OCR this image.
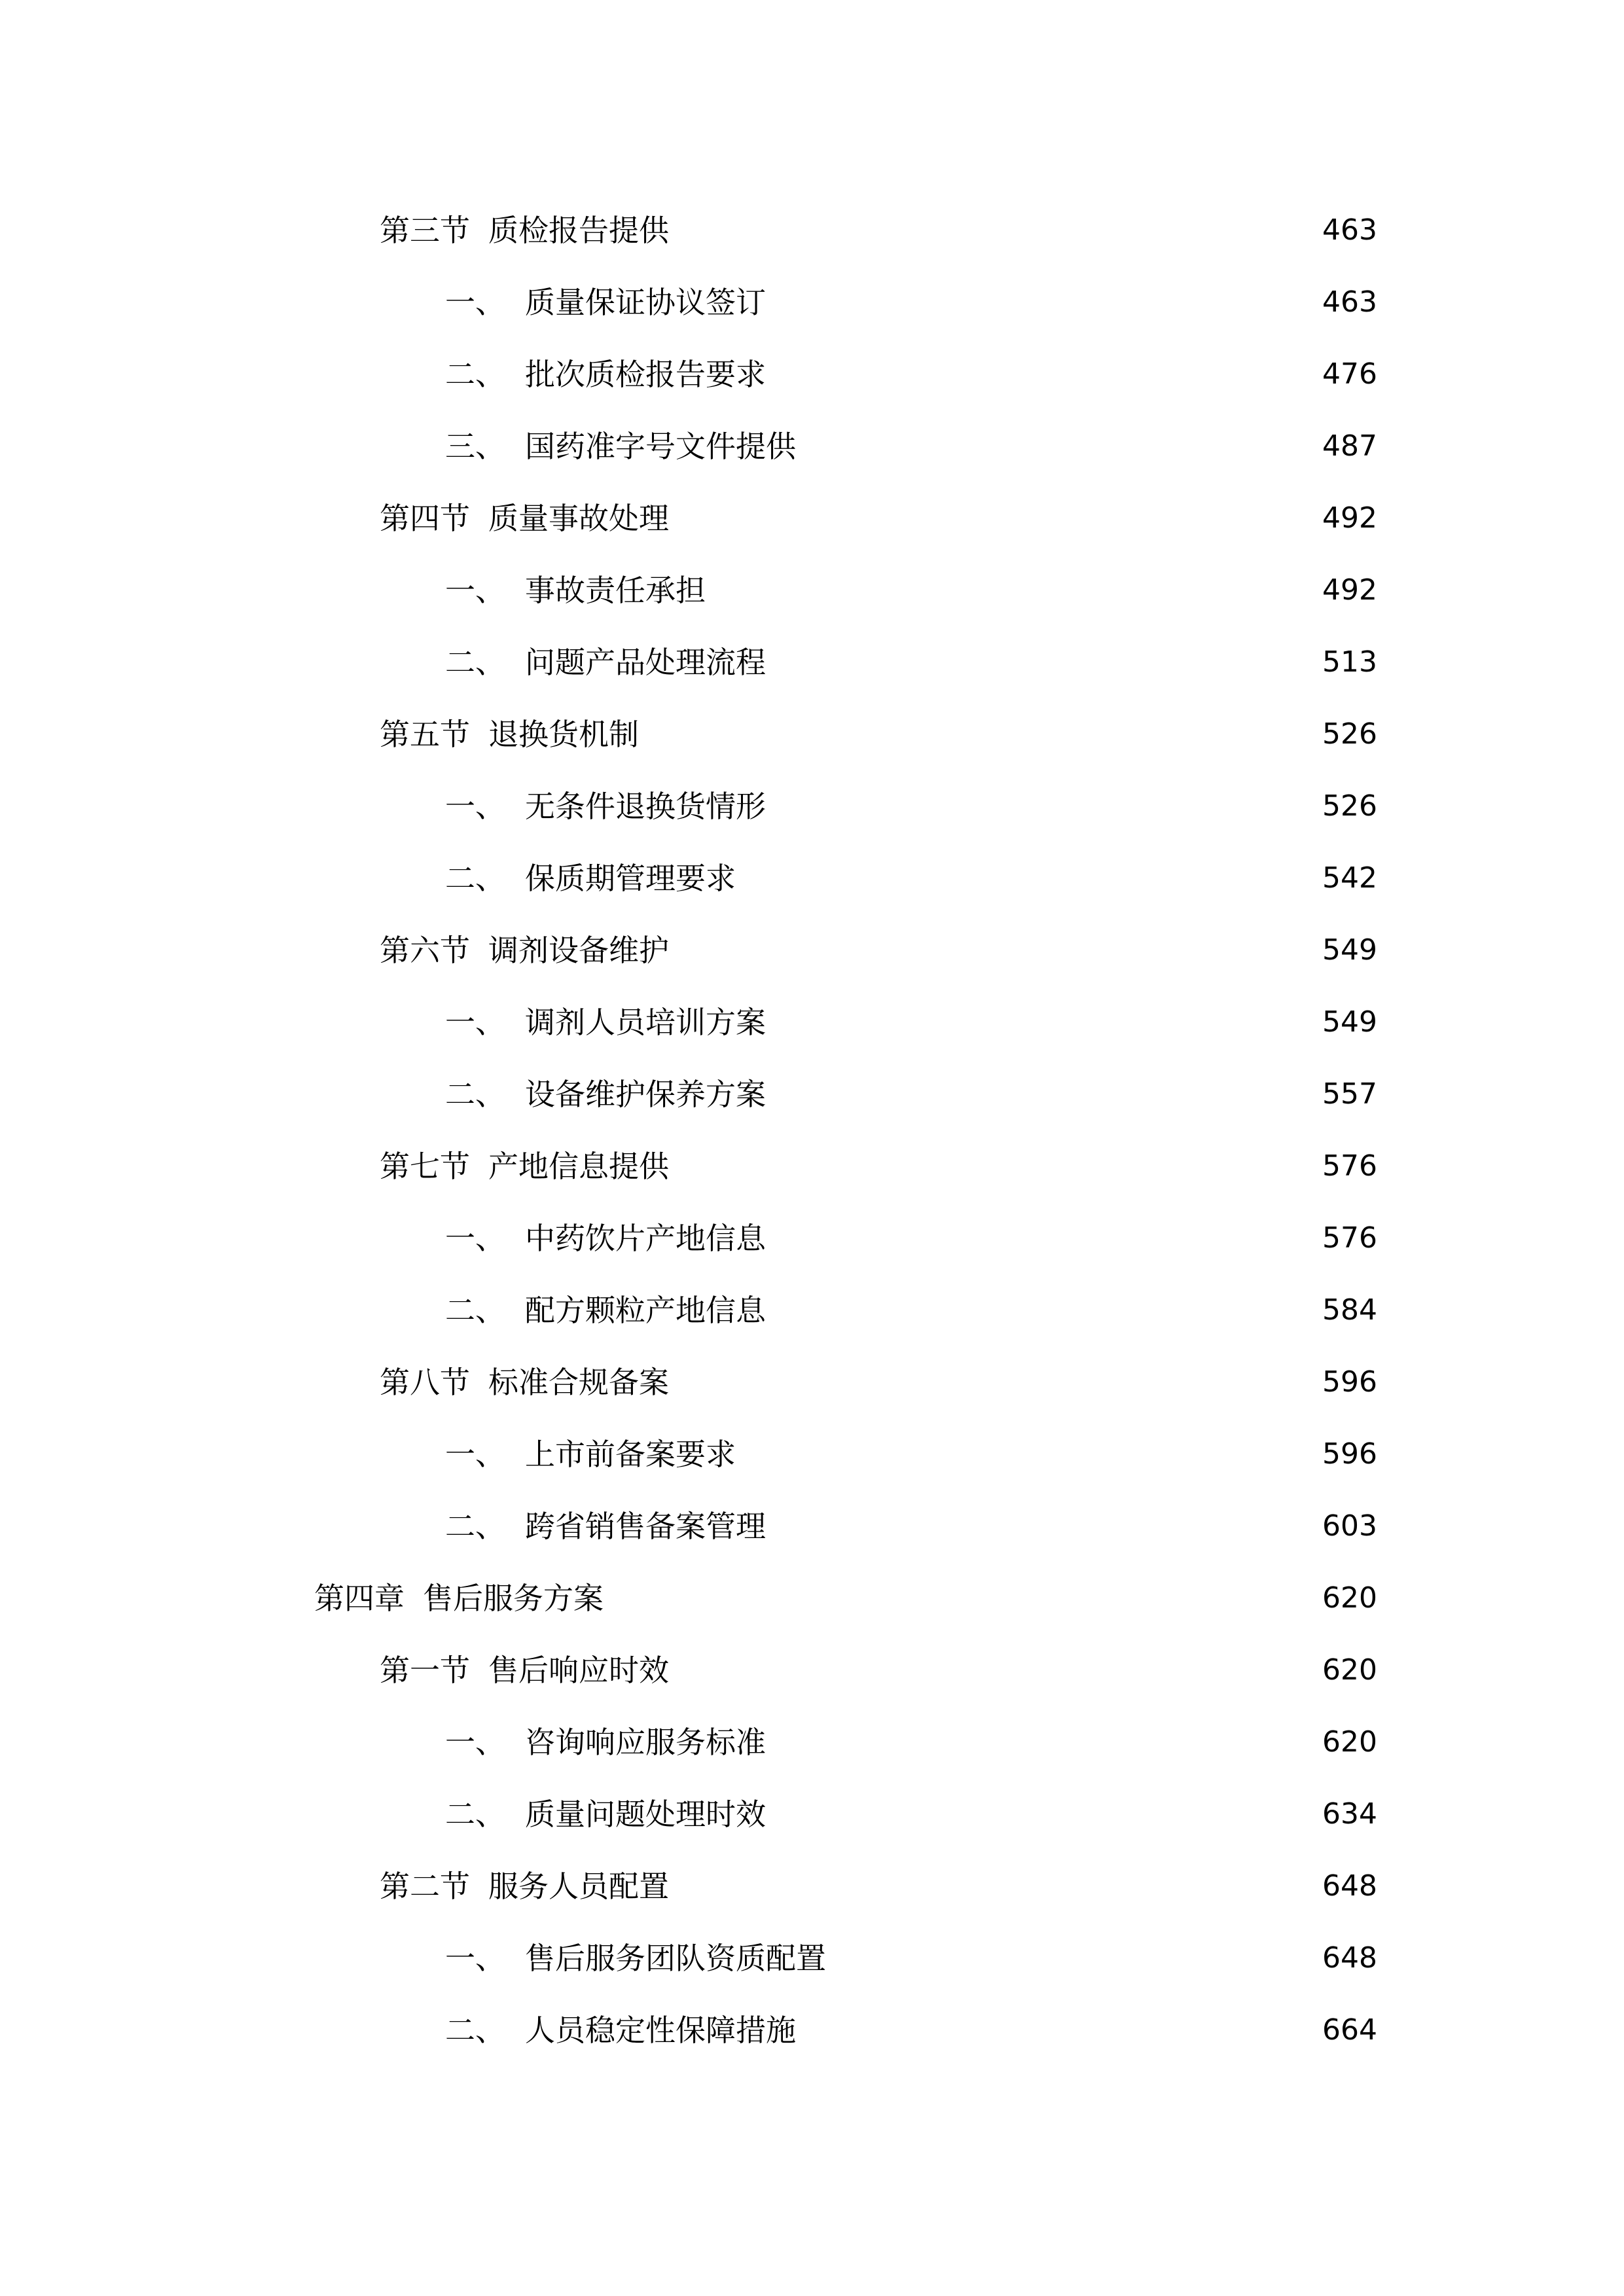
第三节 质检报告提供	463
一、 质量保证协议签订	463
二、 批次质检报告要求	476
三、 国药准字号文件提供	487
第四节 质量事故处理	492
一、 事故责任承担	492
二、 问题产品处理流程	513
第五节 退换货机制	526
一、 无条件退换货情形	526
二、 保质期管理要求	542
第六节 调剂设备维护	549
一、 调剂人员培训方案	549
二、 设备维护保养方案	557
第七节 产地信息提供	576
一、 中药饮片产地信息	576
二、 配方颗粒产地信息	584
第八节 标准合规备案	596
一、 上市前备案要求	596
二、 跨省销售备案管理	603
第四章 售后服务方案	620
第一节 售后响应时效	620
一、 咨询响应服务标准	620
二、 质量问题处理时效	634
第二节 服务人员配置	648
一、 售后服务团队资质配置	648
二、 人员稳定性保障措施	664
